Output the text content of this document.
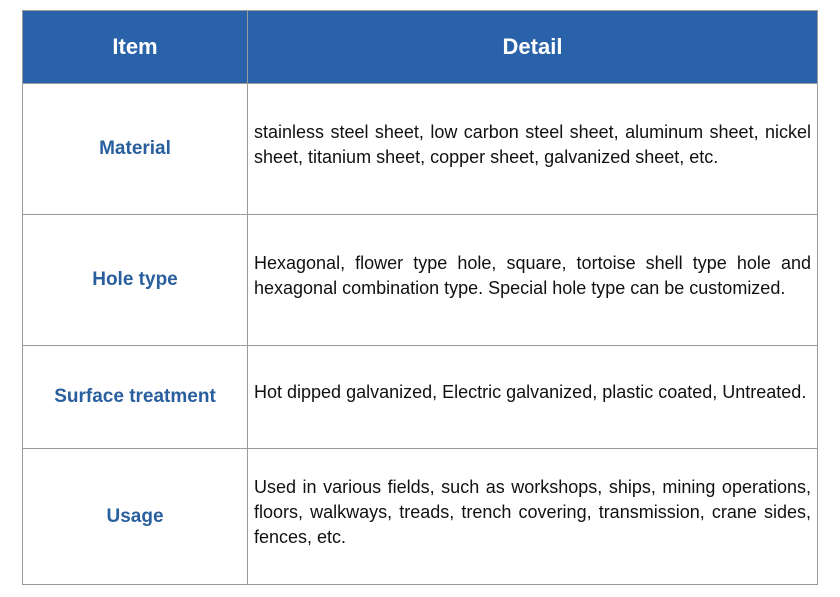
Item	Detail
Material	stainless steel sheet, low carbon steel sheet, aluminum sheet, nickel sheet, titanium sheet, copper sheet, galvanized sheet, etc.

Hole type	Hexagonal, flower type hole, square, tortoise shell type hole and hexagonal combination type. Special hole type can be customized.

Surface treatment	Hot dipped galvanized, Electric galvanized, plastic coated, Untreated.

Usage	Used in various fields, such as workshops, ships, mining operations, floors, walkways, treads, trench covering, transmission, crane sides, fences, etc.
